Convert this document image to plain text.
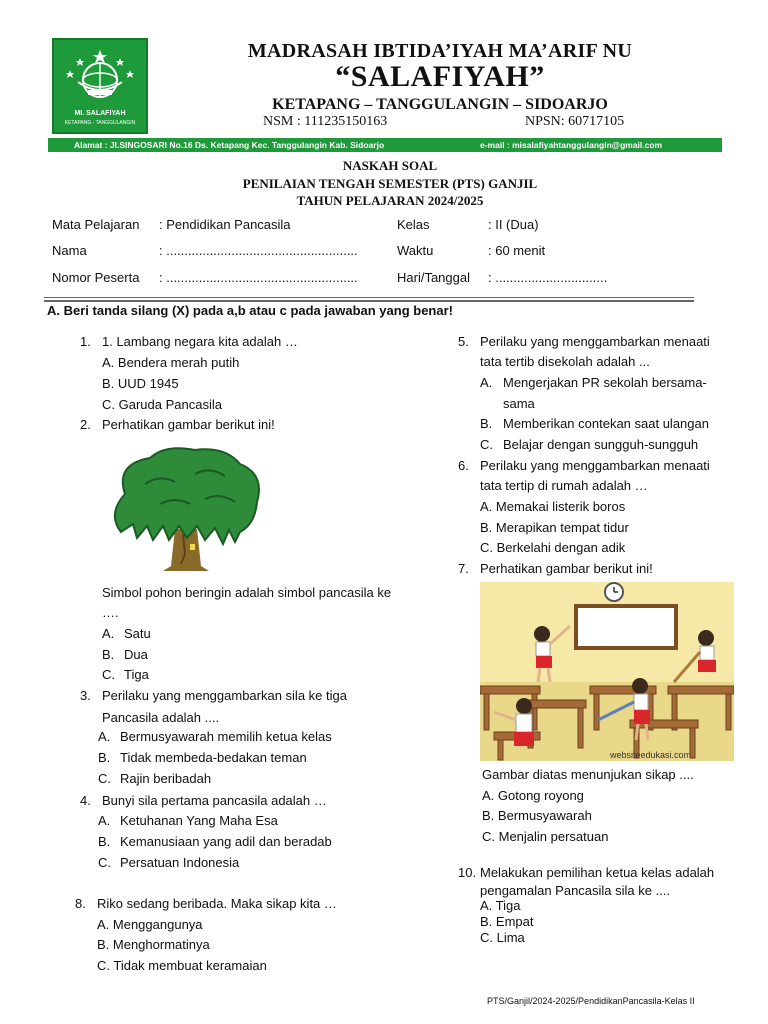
MI. SALAFIYAH
KETAPANG - TANGGULANGIN
MADRASAH IBTIDA’IYAH MA’ARIF NU
“SALAFIYAH”
KETAPANG – TANGGULANGIN – SIDOARJO
NSM : 111235150163	NPSN: 60717105
Alamat : Jl.SINGOSARI No.16 Ds. Ketapang Kec. Tanggulangin Kab. Sidoarjo	e-mail : misalafiyahtanggulangin@gmail.com
NASKAH SOAL
PENILAIAN TENGAH SEMESTER (PTS) GANJIL
TAHUN PELAJARAN 2024/2025
Mata Pelajaran : Pendidikan Pancasila	Kelas	: II (Dua)
Nama	: .....................................................	Waktu	: 60 menit
Nomor Peserta : .....................................................	Hari/Tanggal : ...............................
A. Beri tanda silang (X) pada a,b atau c pada jawaban yang benar!
1. 1. Lambang negara kita adalah …
A. Bendera merah putih
B. UUD 1945
C. Garuda Pancasila
2. Perhatikan gambar berikut ini!
Simbol pohon beringin adalah simbol pancasila ke
….
A. Satu
B. Dua
C. Tiga
3. Perilaku yang menggambarkan sila ke tiga
Pancasila adalah ....
A. Bermusyawarah memilih ketua kelas
B. Tidak membeda-bedakan teman
C. Rajin beribadah
4. Bunyi sila pertama pancasila adalah …
A. Ketuhanan Yang Maha Esa
B. Kemanusiaan yang adil dan beradab
C. Persatuan Indonesia
8. Riko sedang beribada. Maka sikap kita …
A. Menggangunya
B. Menghormatinya
C. Tidak membuat keramaian
5. Perilaku yang menggambarkan menaati
tata tertib disekolah adalah ...
A. Mengerjakan PR sekolah bersama-
sama
B. Memberikan contekan saat ulangan
C. Belajar dengan sungguh-sungguh
6. Perilaku yang menggambarkan menaati
tata tertip di rumah adalah …
A. Memakai listerik boros
B. Merapikan tempat tidur
C. Berkelahi dengan adik
7. Perhatikan gambar berikut ini!
websiteedukasi.com
Gambar diatas menunjukan sikap ....
A. Gotong royong
B. Bermusyawarah
C. Menjalin persatuan
10. Melakukan pemilihan ketua kelas adalah
pengamalan Pancasila sila ke ....
A. Tiga
B. Empat
C. Lima
PTS/Ganjil/2024-2025/PendidikanPancasila-Kelas II
